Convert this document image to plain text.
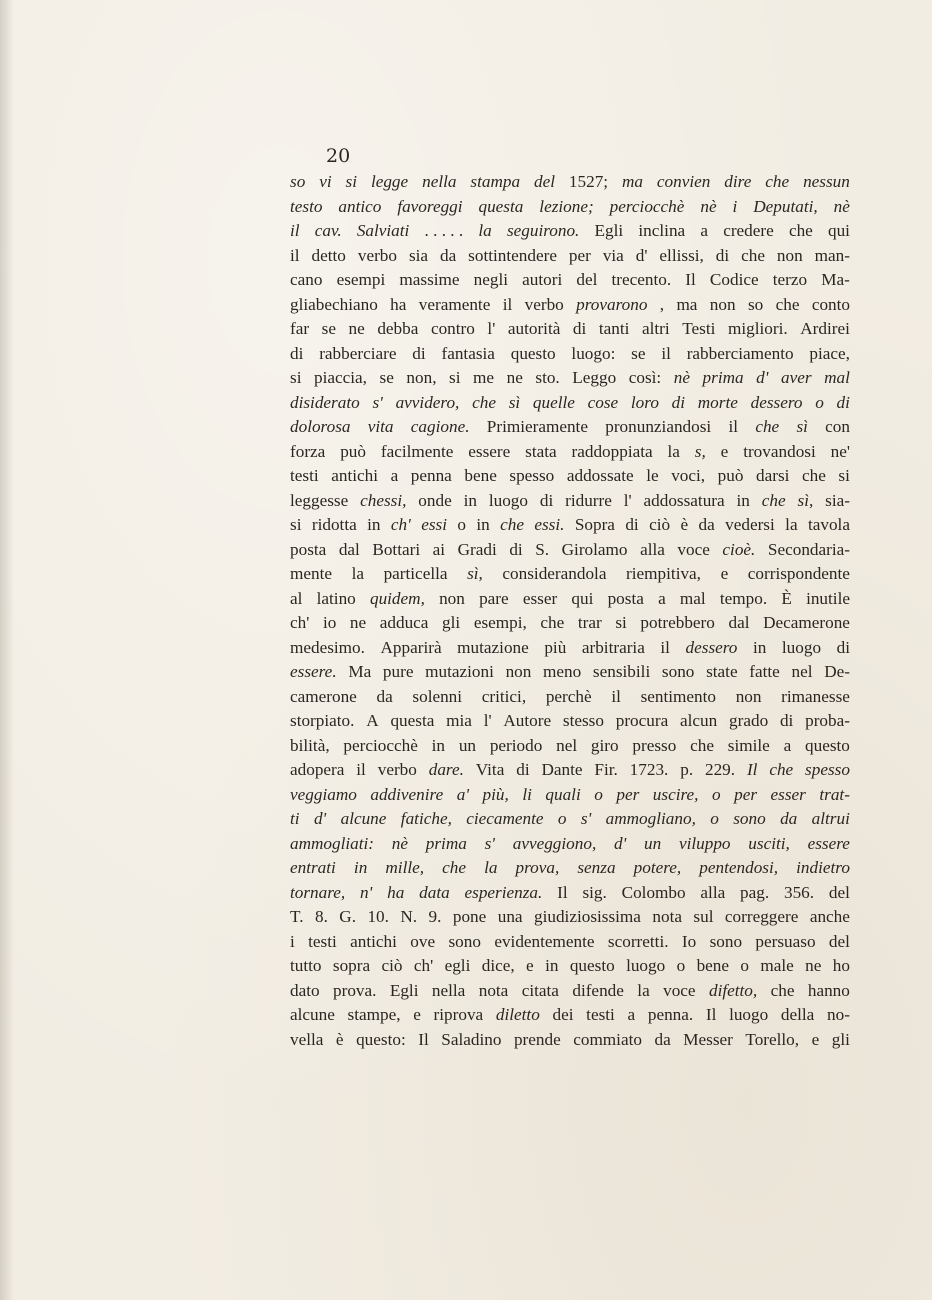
20
so vi si legge nella stampa del 1527; ma convien dire che nessun
testo antico favoreggi questa lezione; perciocchè nè i Deputati, nè
il cav. Salviati . . . . . la seguirono. Egli inclina a credere che qui
il detto verbo sia da sottintendere per via d' ellissi, di che non man-
cano esempi massime negli autori del trecento. Il Codice terzo Ma-
gliabechiano ha veramente il verbo provarono , ma non so che conto
far se ne debba contro l' autorità di tanti altri Testi migliori. Ardirei
di rabberciare di fantasia questo luogo: se il rabberciamento piace,
si piaccia, se non, si me ne sto. Leggo così: nè prima d' aver mal
disiderato s' avvidero, che sì quelle cose loro di morte dessero o di
dolorosa vita cagione. Primieramente pronunziandosi il che sì con
forza può facilmente essere stata raddoppiata la s, e trovandosi ne'
testi antichi a penna bene spesso addossate le voci, può darsi che si
leggesse chessi, onde in luogo di ridurre l' addossatura in che sì, sia-
si ridotta in ch' essi o in che essi. Sopra di ciò è da vedersi la tavola
posta dal Bottari ai Gradi di S. Girolamo alla voce cioè. Secondaria-
mente la particella sì, considerandola riempitiva, e corrispondente
al latino quidem, non pare esser qui posta a mal tempo. È inutile
ch' io ne adduca gli esempi, che trar si potrebbero dal Decamerone
medesimo. Apparirà mutazione più arbitraria il dessero in luogo di
essere. Ma pure mutazioni non meno sensibili sono state fatte nel De-
camerone da solenni critici, perchè il sentimento non rimanesse
storpiato. A questa mia l' Autore stesso procura alcun grado di proba-
bilità, perciocchè in un periodo nel giro presso che simile a questo
adopera il verbo dare. Vita di Dante Fir. 1723. p. 229. Il che spesso
veggiamo addivenire a' più, li quali o per uscire, o per esser trat-
ti d' alcune fatiche, ciecamente o s' ammogliano, o sono da altrui
ammogliati: nè prima s' avveggiono, d' un viluppo usciti, essere
entrati in mille, che la prova, senza potere, pentendosi, indietro
tornare, n' ha data esperienza. Il sig. Colombo alla pag. 356. del
T. 8. G. 10. N. 9. pone una giudiziosissima nota sul correggere anche
i testi antichi ove sono evidentemente scorretti. Io sono persuaso del
tutto sopra ciò ch' egli dice, e in questo luogo o bene o male ne ho
dato prova. Egli nella nota citata difende la voce difetto, che hanno
alcune stampe, e riprova diletto dei testi a penna. Il luogo della no-
vella è questo: Il Saladino prende commiato da Messer Torello, e gli
